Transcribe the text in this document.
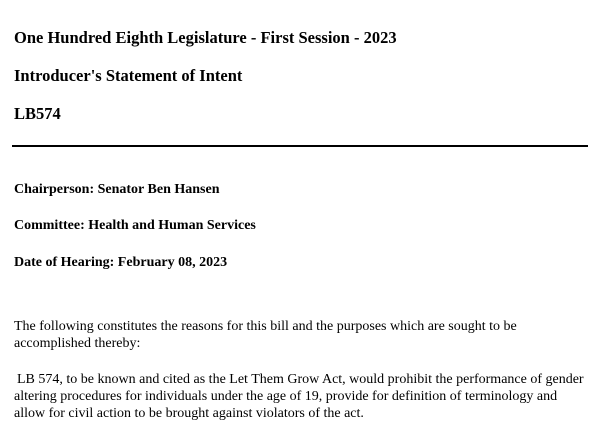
One Hundred Eighth Legislature - First Session - 2023

Introducer's Statement of Intent

LB574

Chairperson: Senator Ben Hansen

Committee: Health and Human Services

Date of Hearing: February 08, 2023

The following constitutes the reasons for this bill and the purposes which are sought to be accomplished thereby:

LB 574, to be known and cited as the Let Them Grow Act, would prohibit the performance of gender altering procedures for individuals under the age of 19, provide for definition of terminology and allow for civil action to be brought against violators of the act.
